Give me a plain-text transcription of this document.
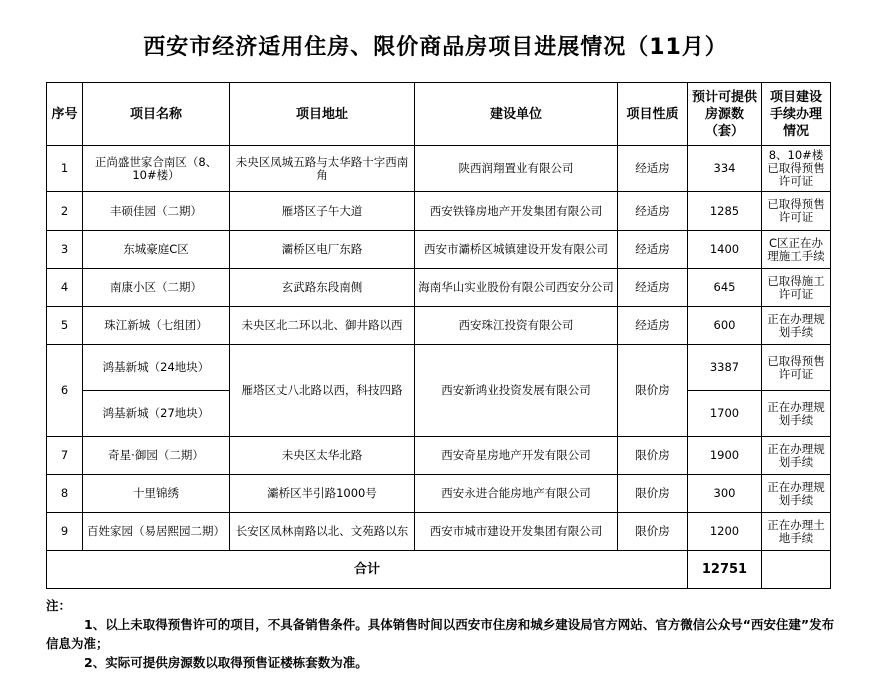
西安市经济适用住房、限价商品房项目进展情况（11月）
序号	项目名称	项目地址	建设单位	项目性质	预计可提供房源数（套）	项目建设手续办理情况
1	正尚盛世家合南区（8、10#楼）	未央区凤城五路与太华路十字西南角	陕西润翔置业有限公司	经适房	334	8、10#楼已取得预售许可证
2	丰硕佳园（二期）	雁塔区子午大道	西安铁锋房地产开发集团有限公司	经适房	1285	已取得预售许可证
3	东城豪庭C区	灞桥区电厂东路	西安市灞桥区城镇建设开发有限公司	经适房	1400	C区正在办理施工手续
4	南康小区（二期）	玄武路东段南侧	海南华山实业股份有限公司西安分公司	经适房	645	已取得施工许可证
5	珠江新城（七组团）	未央区北二环以北、御井路以西	西安珠江投资有限公司	经适房	600	正在办理规划手续
6	鸿基新城（24地块）	雁塔区丈八北路以西，科技四路	西安新鸿业投资发展有限公司	限价房	3387	已取得预售许可证
	鸿基新城（27地块）				1700	正在办理规划手续
7	奇星·御园（二期）	未央区太华北路	西安奇星房地产开发有限公司	限价房	1900	正在办理规划手续
8	十里锦绣	灞桥区半引路1000号	西安永进合能房地产有限公司	限价房	300	正在办理规划手续
9	百姓家园（易居熙园二期）	长安区凤林南路以北、文苑路以东	西安市城市建设开发集团有限公司	限价房	1200	正在办理土地手续
合计					12751	

注：

1、以上未取得预售许可的项目，不具备销售条件。具体销售时间以西安市住房和城乡建设局官方网站、官方微信公众号“西安住建”发布信息为准；

2、实际可提供房源数以取得预售证楼栋套数为准。
